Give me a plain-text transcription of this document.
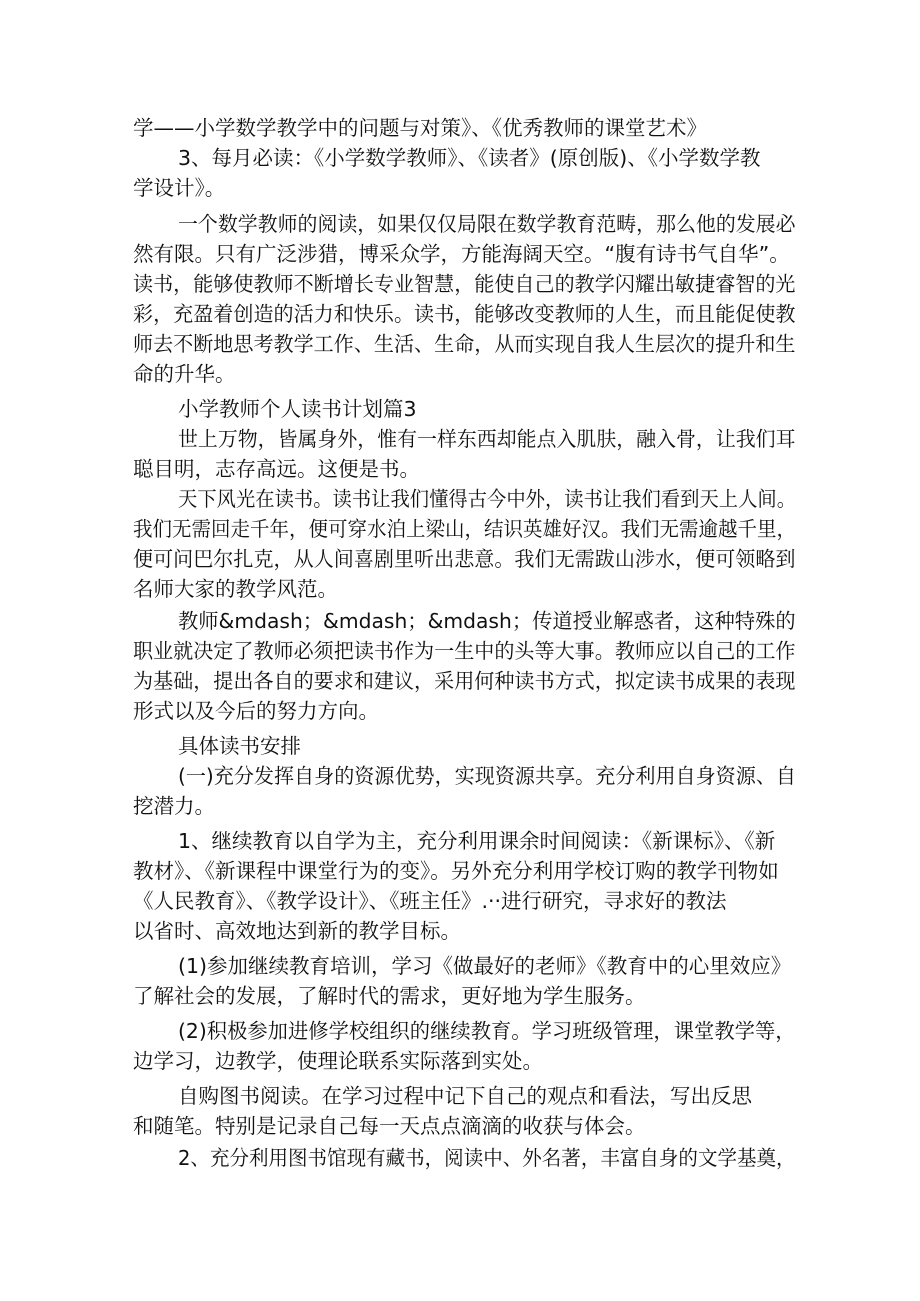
学——小学数学教学中的问题与对策》、《优秀教师的课堂艺术》
3、每月必读：《小学数学教师》、《读者》(原创版)、《小学数学教
学设计》。
一个数学教师的阅读，如果仅仅局限在数学教育范畴，那么他的发展必
然有限。只有广泛涉猎，博采众学，方能海阔天空。“腹有诗书气自华”。
读书，能够使教师不断增长专业智慧，能使自己的教学闪耀出敏捷睿智的光
彩，充盈着创造的活力和快乐。读书，能够改变教师的人生，而且能促使教
师去不断地思考教学工作、生活、生命，从而实现自我人生层次的提升和生
命的升华。
小学教师个人读书计划篇3
世上万物，皆属身外，惟有一样东西却能点入肌肤，融入骨，让我们耳
聪目明，志存高远。这便是书。
天下风光在读书。读书让我们懂得古今中外，读书让我们看到天上人间。
我们无需回走千年，便可穿水泊上梁山，结识英雄好汉。我们无需逾越千里，
便可问巴尔扎克，从人间喜剧里听出悲意。我们无需跋山涉水，便可领略到
名师大家的教学风范。
教师&mdash；&mdash；&mdash；传道授业解惑者，这种特殊的
职业就决定了教师必须把读书作为一生中的头等大事。教师应以自己的工作
为基础，提出各自的要求和建议，采用何种读书方式，拟定读书成果的表现
形式以及今后的努力方向。
具体读书安排
(一)充分发挥自身的资源优势，实现资源共享。充分利用自身资源、自
挖潜力。
1、继续教育以自学为主，充分利用课余时间阅读：《新课标》、《新
教材》、《新课程中课堂行为的变》。另外充分利用学校订购的教学刊物如
《人民教育》、《教学设计》、《班主任》.··进行研究，寻求好的教法
以省时、高效地达到新的教学目标。
(1)参加继续教育培训，学习《做最好的老师》《教育中的心里效应》
了解社会的发展，了解时代的需求，更好地为学生服务。
(2)积极参加进修学校组织的继续教育。学习班级管理，课堂教学等，
边学习，边教学，使理论联系实际落到实处。
自购图书阅读。在学习过程中记下自己的观点和看法，写出反思
和随笔。特别是记录自己每一天点点滴滴的收获与体会。
2、充分利用图书馆现有藏书，阅读中、外名著，丰富自身的文学基奠，
